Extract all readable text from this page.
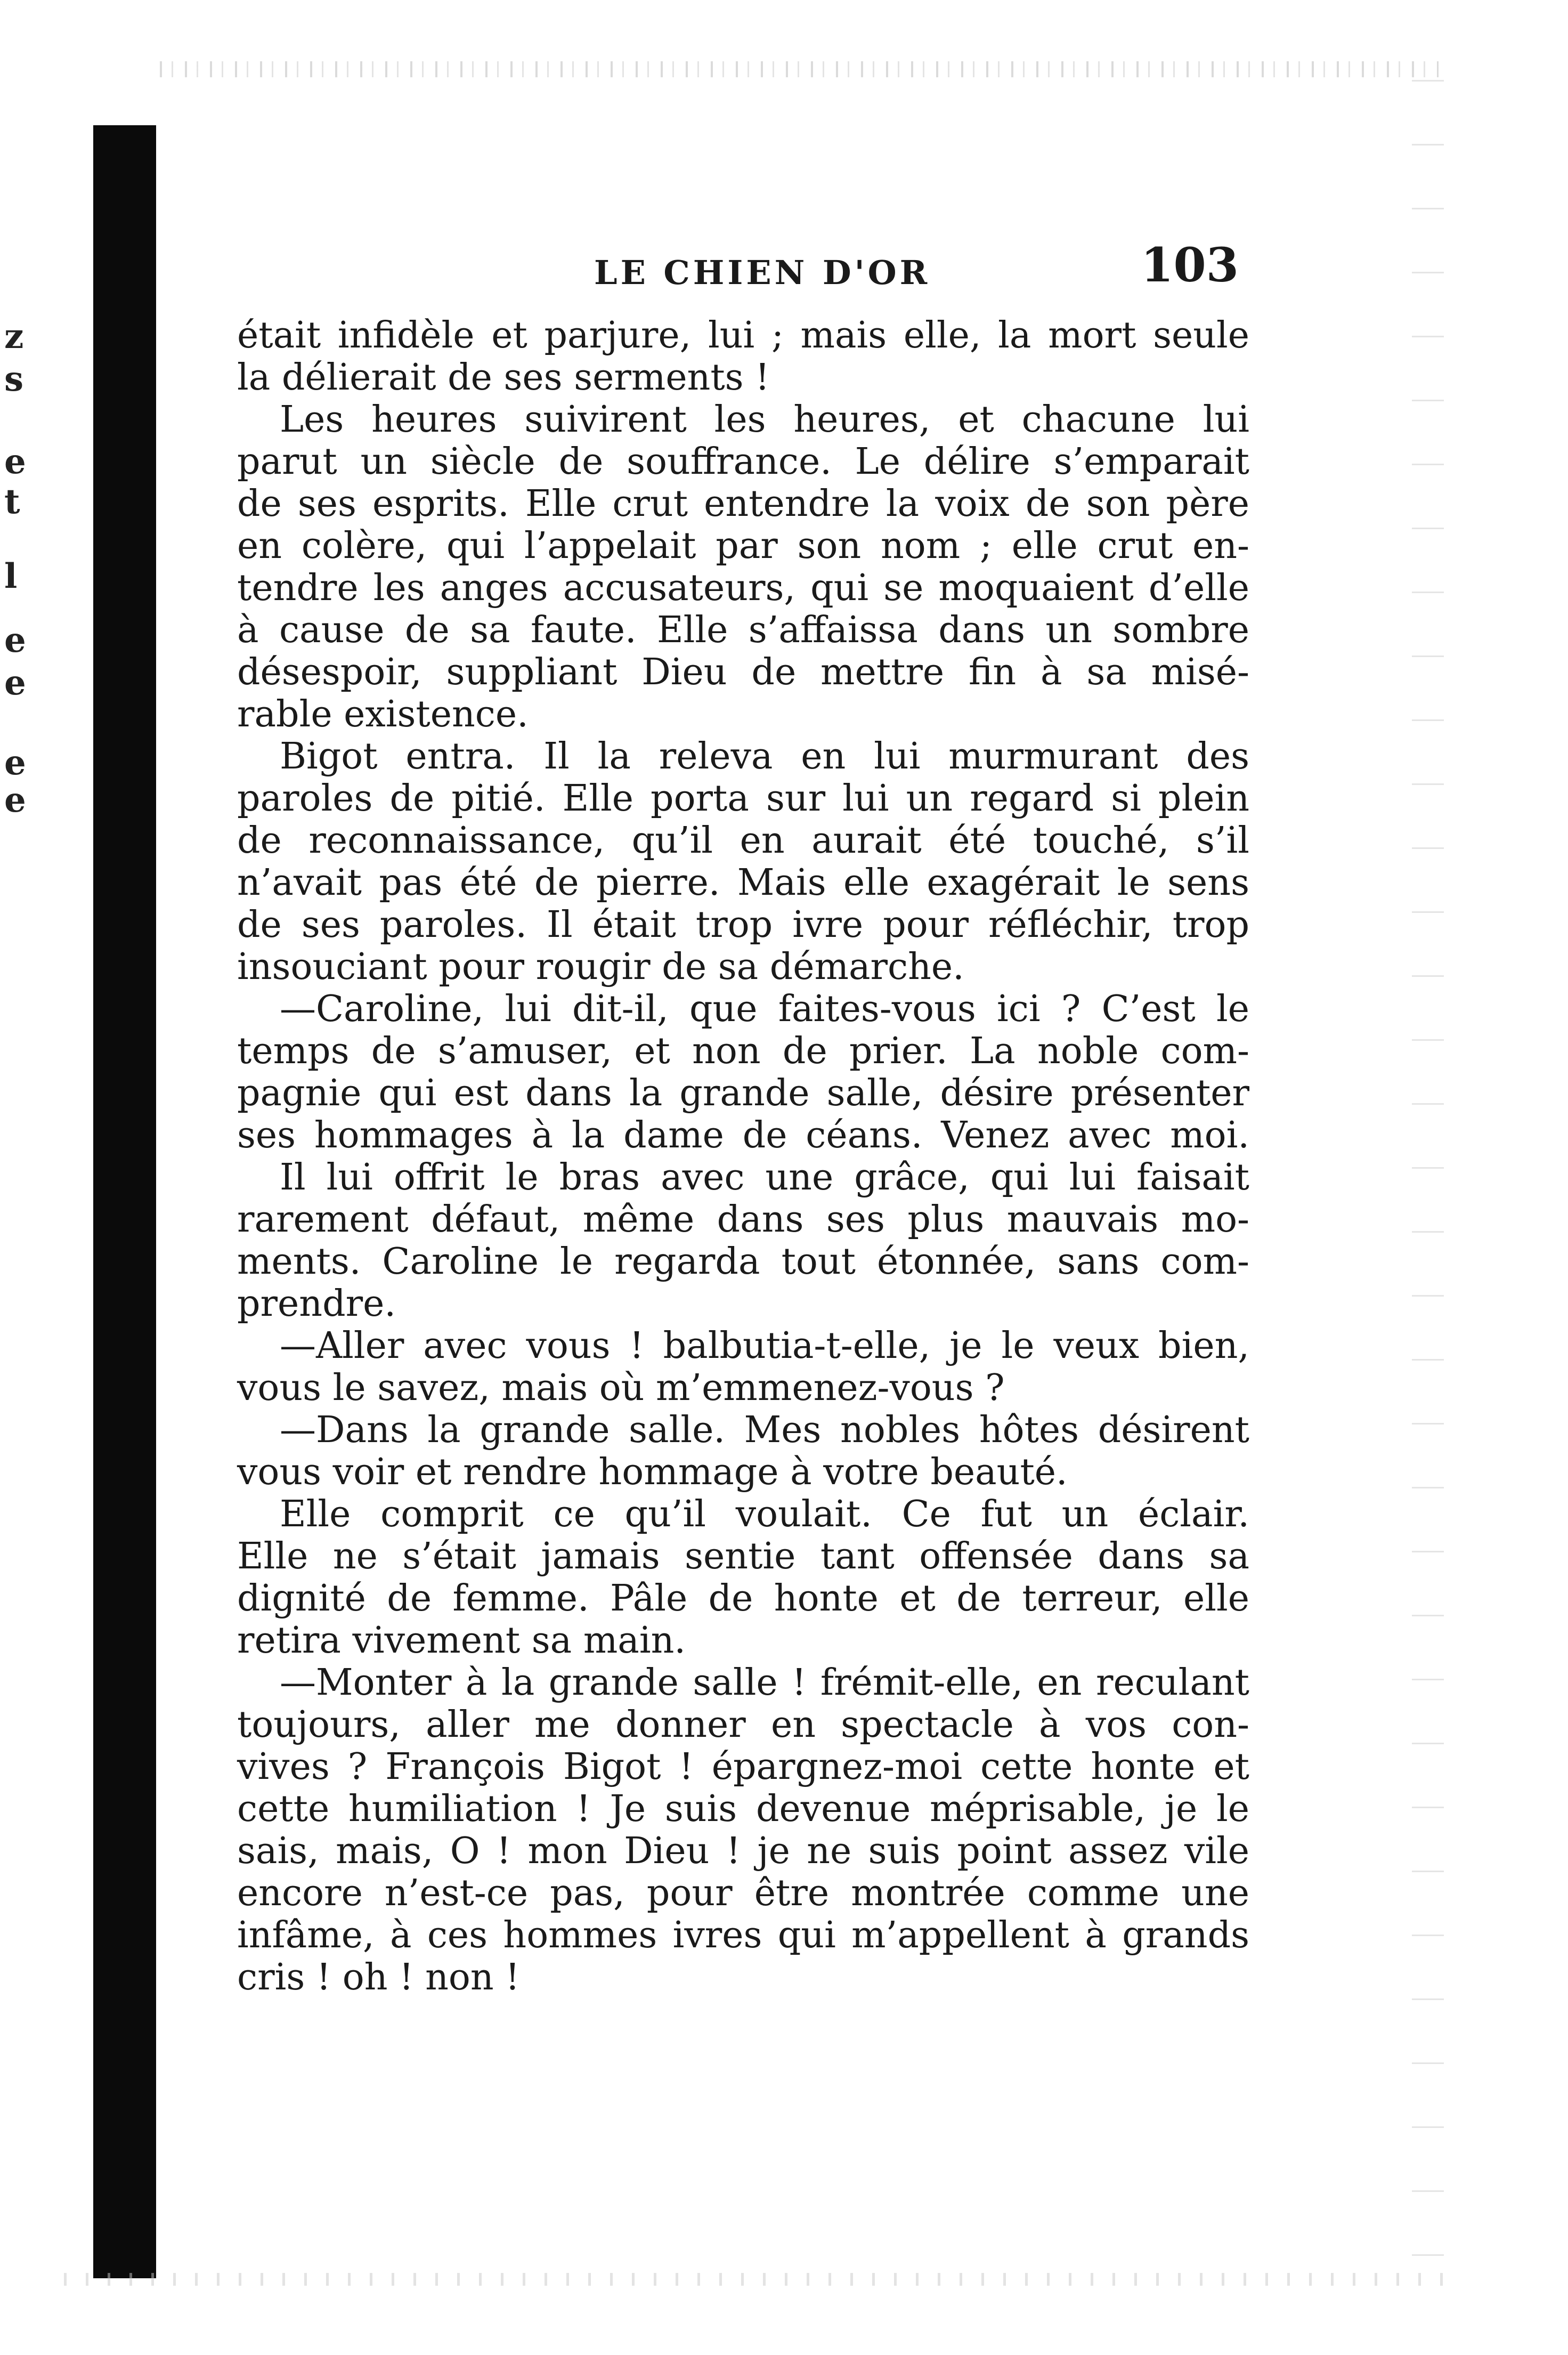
z
s
e
t
l
e
e
e
e
LE CHIEN D'OR	103
était infidèle et parjure, lui ; mais elle, la mort seule
la délierait de ses serments !
Les heures suivirent les heures, et chacune lui
parut un siècle de souffrance. Le délire s’emparait
de ses esprits. Elle crut entendre la voix de son père
en colère, qui l’appelait par son nom ; elle crut en-
tendre les anges accusateurs, qui se moquaient d’elle
à cause de sa faute. Elle s’affaissa dans un sombre
désespoir, suppliant Dieu de mettre fin à sa misé-
rable existence.
Bigot entra. Il la releva en lui murmurant des
paroles de pitié. Elle porta sur lui un regard si plein
de reconnaissance, qu’il en aurait été touché, s’il
n’avait pas été de pierre. Mais elle exagérait le sens
de ses paroles. Il était trop ivre pour réfléchir, trop
insouciant pour rougir de sa démarche.
—Caroline, lui dit-il, que faites-vous ici ? C’est le
temps de s’amuser, et non de prier. La noble com-
pagnie qui est dans la grande salle, désire présenter
ses hommages à la dame de céans. Venez avec moi.
Il lui offrit le bras avec une grâce, qui lui faisait
rarement défaut, même dans ses plus mauvais mo-
ments. Caroline le regarda tout étonnée, sans com-
prendre.
—Aller avec vous ! balbutia-t-elle, je le veux bien,
vous le savez, mais où m’emmenez-vous ?
—Dans la grande salle. Mes nobles hôtes désirent
vous voir et rendre hommage à votre beauté.
Elle comprit ce qu’il voulait. Ce fut un éclair.
Elle ne s’était jamais sentie tant offensée dans sa
dignité de femme. Pâle de honte et de terreur, elle
retira vivement sa main.
—Monter à la grande salle ! frémit-elle, en reculant
toujours, aller me donner en spectacle à vos con-
vives ? François Bigot ! épargnez-moi cette honte et
cette humiliation ! Je suis devenue méprisable, je le
sais, mais, O ! mon Dieu ! je ne suis point assez vile
encore n’est-ce pas, pour être montrée comme une
infâme, à ces hommes ivres qui m’appellent à grands
cris ! oh ! non !
